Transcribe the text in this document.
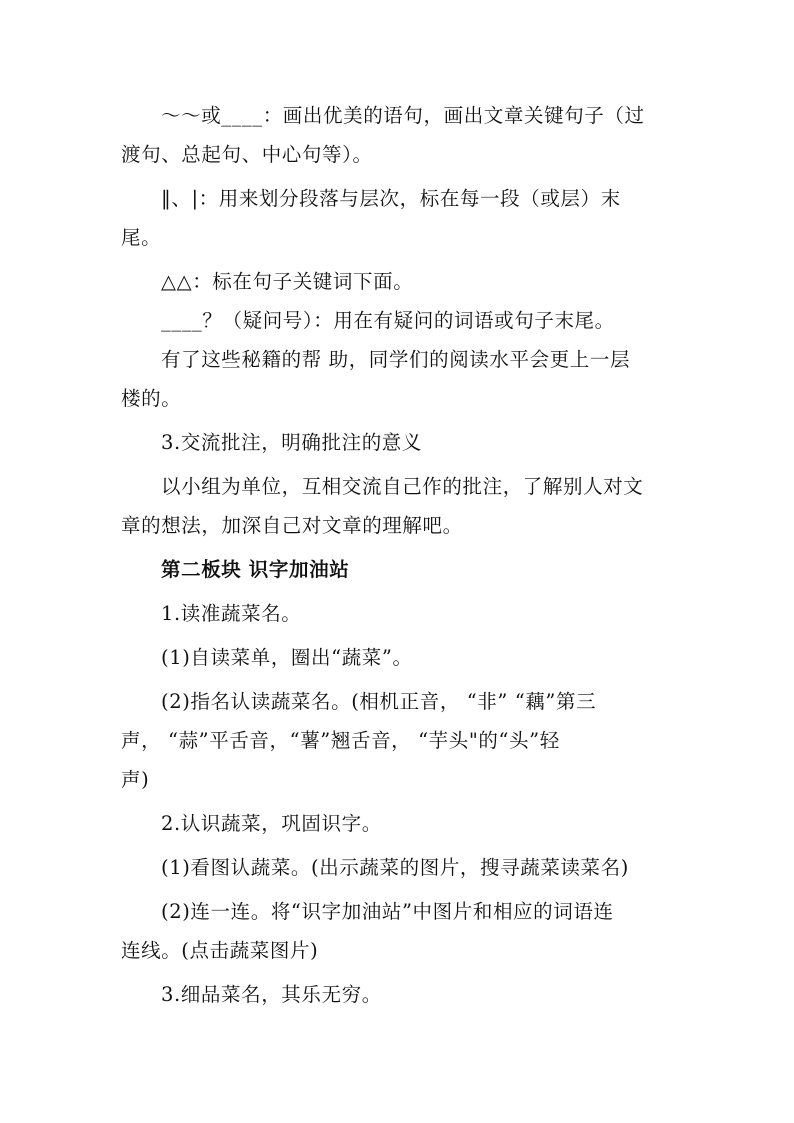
～～或____：画出优美的语句，画出文章关键句子（过
渡句、总起句、中心句等）。
‖、|：用来划分段落与层次，标在每一段（或层）末
尾。
△△：标在句子关键词下面。
____？（疑问号）：用在有疑问的词语或句子末尾。
有了这些秘籍的帮 助，同学们的阅读水平会更上一层
楼的。
3.交流批注，明确批注的意义
以小组为单位，互相交流自己作的批注，了解别人对文
章的想法，加深自己对文章的理解吧。
第二板块 识字加油站
1.读准蔬菜名。
(1)自读菜单，圈出“蔬菜”。
(2)指名认读蔬菜名。(相机正音， “非” “藕”第三
声， “蒜”平舌音，“薯”翘舌音， “芋头"的“头”轻
声)
2.认识蔬菜，巩固识字。
(1)看图认蔬菜。(出示蔬菜的图片，搜寻蔬菜读菜名)
(2)连一连。将“识字加油站”中图片和相应的词语连
连线。(点击蔬菜图片)
3.细品菜名，其乐无穷。
